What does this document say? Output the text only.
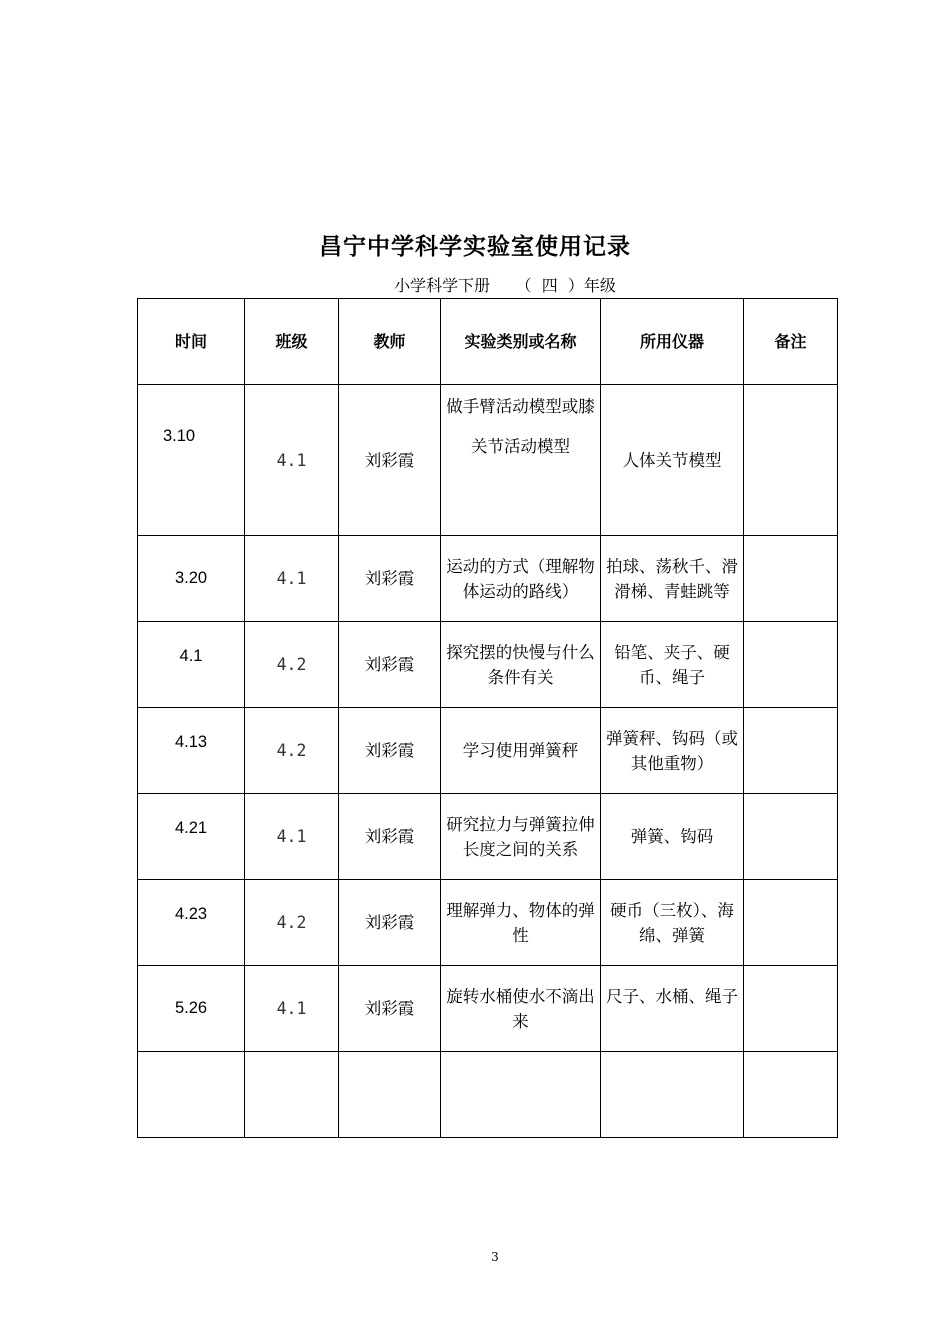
昌宁中学科学实验室使用记录
小学科学下册     （  四  ）年级
时间	班级	教师	实验类别或名称	所用仪器	备注
3.10	4.1	刘彩霞	做手臂活动模型或膝关节活动模型	人体关节模型	
3.20	4.1	刘彩霞	运动的方式（理解物体运动的路线）	拍球、荡秋千、滑滑梯、青蛙跳等	
4.1	4.2	刘彩霞	探究摆的快慢与什么条件有关	铅笔、夹子、硬币、绳子	
4.13	4.2	刘彩霞	学习使用弹簧秤	弹簧秤、钩码（或其他重物）	
4.21	4.1	刘彩霞	研究拉力与弹簧拉伸长度之间的关系	弹簧、钩码	
4.23	4.2	刘彩霞	理解弹力、物体的弹性	硬币（三枚）、海绵、弹簧	
5.26	4.1	刘彩霞	旋转水桶使水不滴出来	尺子、水桶、绳子	

3
